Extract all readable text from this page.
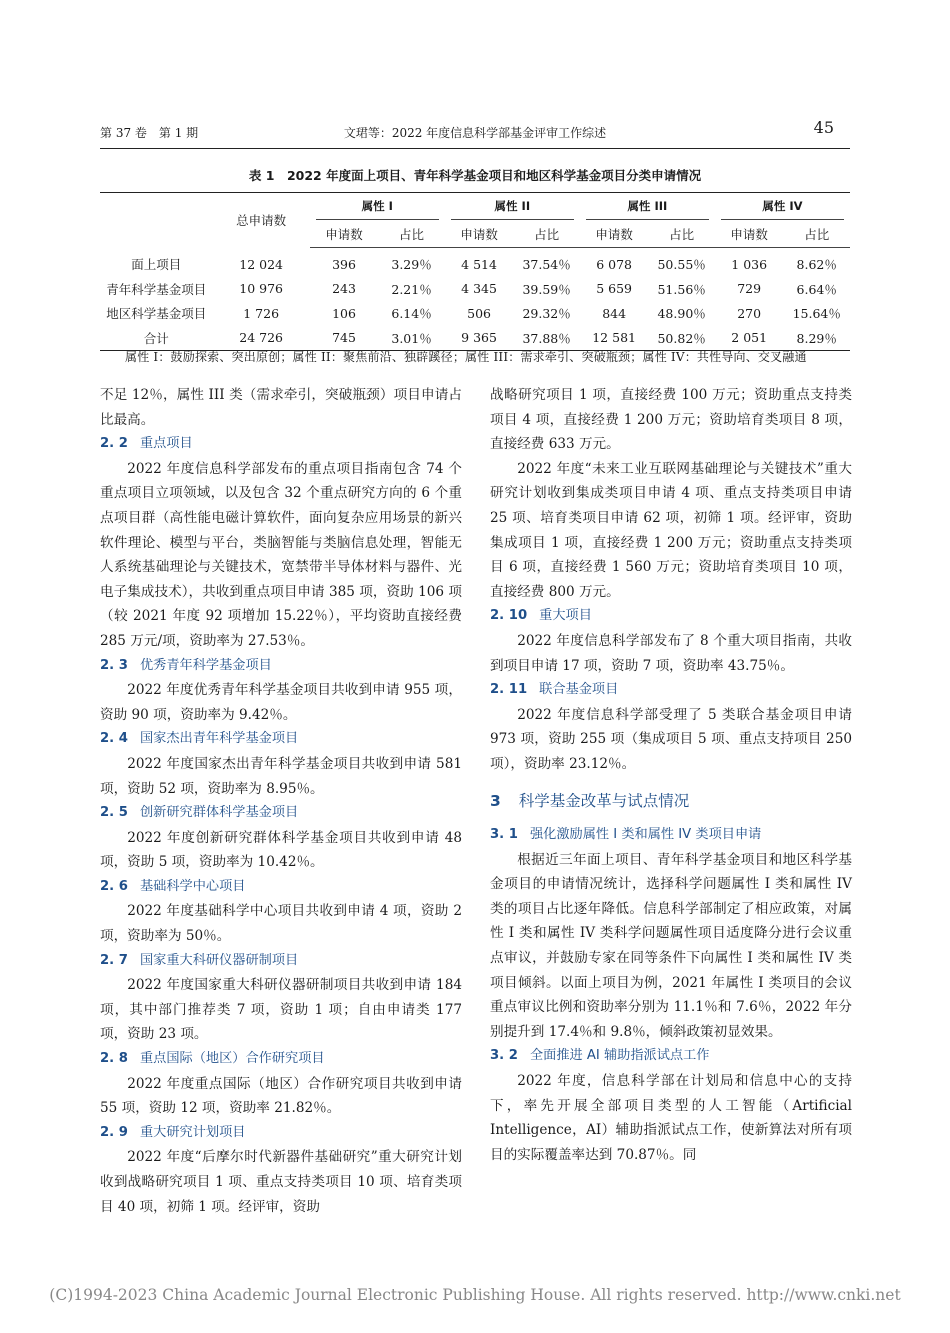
第 37 卷　第 1 期	文珺等：2022 年度信息科学部基金评审工作综述	45
表 1　2022 年度面上项目、青年科学基金项目和地区科学基金项目分类申请情况
	总申请数	属性 I		属性 II		属性 III		属性 IV	

		申请数	占比	申请数	占比	申请数	占比	申请数	占比

面上项目	12 024	396	3.29％	4 514	37.54％	6 078	50.55％	1 036	8.62％
青年科学基金项目	10 976	243	2.21％	4 345	39.59％	5 659	51.56％	729	6.64％
地区科学基金项目	1 726	106	6.14％	506	29.32％	844	48.90％	270	15.64％
合计	24 726	745	3.01％	9 365	37.88％	12 581	50.82％	2 051	8.29％
属性 I：鼓励探索、突出原创；属性 II：聚焦前沿、独辟蹊径；属性 III：需求牵引、突破瓶颈；属性 IV：共性导向、交叉融通

不足 12％，属性 III 类（需求牵引，突破瓶颈）项目申请占比最高。

2. 2 重点项目

2022 年度信息科学部发布的重点项目指南包含 74 个重点项目立项领域，以及包含 32 个重点研究方向的 6 个重点项目群（高性能电磁计算软件，面向复杂应用场景的新兴软件理论、模型与平台，类脑智能与类脑信息处理，智能无人系统基础理论与关键技术，宽禁带半导体材料与器件、光电子集成技术），共收到重点项目申请 385 项，资助 106 项（较 2021 年度 92 项增加 15.22％），平均资助直接经费 285 万元/项，资助率为 27.53％。

2. 3 优秀青年科学基金项目

2022 年度优秀青年科学基金项目共收到申请 955 项，资助 90 项，资助率为 9.42％。

2. 4 国家杰出青年科学基金项目

2022 年度国家杰出青年科学基金项目共收到申请 581 项，资助 52 项，资助率为 8.95％。

2. 5 创新研究群体科学基金项目

2022 年度创新研究群体科学基金项目共收到申请 48 项，资助 5 项，资助率为 10.42％。

2. 6 基础科学中心项目

2022 年度基础科学中心项目共收到申请 4 项，资助 2 项，资助率为 50％。

2. 7 国家重大科研仪器研制项目

2022 年度国家重大科研仪器研制项目共收到申请 184 项，其中部门推荐类 7 项，资助 1 项；自由申请类 177 项，资助 23 项。

2. 8 重点国际（地区）合作研究项目

2022 年度重点国际（地区）合作研究项目共收到申请 55 项，资助 12 项，资助率 21.82％。

2. 9 重大研究计划项目

2022 年度“后摩尔时代新器件基础研究”重大研究计划收到战略研究项目 1 项、重点支持类项目 10 项、培育类项目 40 项，初筛 1 项。经评审，资助

战略研究项目 1 项，直接经费 100 万元；资助重点支持类项目 4 项，直接经费 1 200 万元；资助培育类项目 8 项，直接经费 633 万元。

2022 年度“未来工业互联网基础理论与关键技术”重大研究计划收到集成类项目申请 4 项、重点支持类项目申请 25 项、培育类项目申请 62 项，初筛 1 项。经评审，资助集成项目 1 项，直接经费 1 200 万元；资助重点支持类项目 6 项，直接经费 1 560 万元；资助培育类项目 10 项，直接经费 800 万元。

2. 10 重大项目

2022 年度信息科学部发布了 8 个重大项目指南，共收到项目申请 17 项，资助 7 项，资助率 43.75％。

2. 11 联合基金项目

2022 年度信息科学部受理了 5 类联合基金项目申请 973 项，资助 255 项（集成项目 5 项、重点支持项目 250 项），资助率 23.12％。

3 科学基金改革与试点情况
3. 1 强化激励属性 I 类和属性 IV 类项目申请

根据近三年面上项目、青年科学基金项目和地区科学基金项目的申请情况统计，选择科学问题属性 I 类和属性 IV 类的项目占比逐年降低。信息科学部制定了相应政策，对属性 I 类和属性 IV 类科学问题属性项目适度降分进行会议重点审议，并鼓励专家在同等条件下向属性 I 类和属性 IV 类项目倾斜。以面上项目为例，2021 年属性 I 类项目的会议重点审议比例和资助率分别为 11.1％和 7.6％，2022 年分别提升到 17.4％和 9.8％，倾斜政策初显效果。

3. 2 全面推进 AI 辅助指派试点工作

2022 年度，信息科学部在计划局和信息中心的支持下，率先开展全部项目类型的人工智能（Artificial Intelligence，AI）辅助指派试点工作，使新算法对所有项目的实际覆盖率达到 70.87％。同

(C)1994-2023 China Academic Journal Electronic Publishing House. All rights reserved. http://www.cnki.net
